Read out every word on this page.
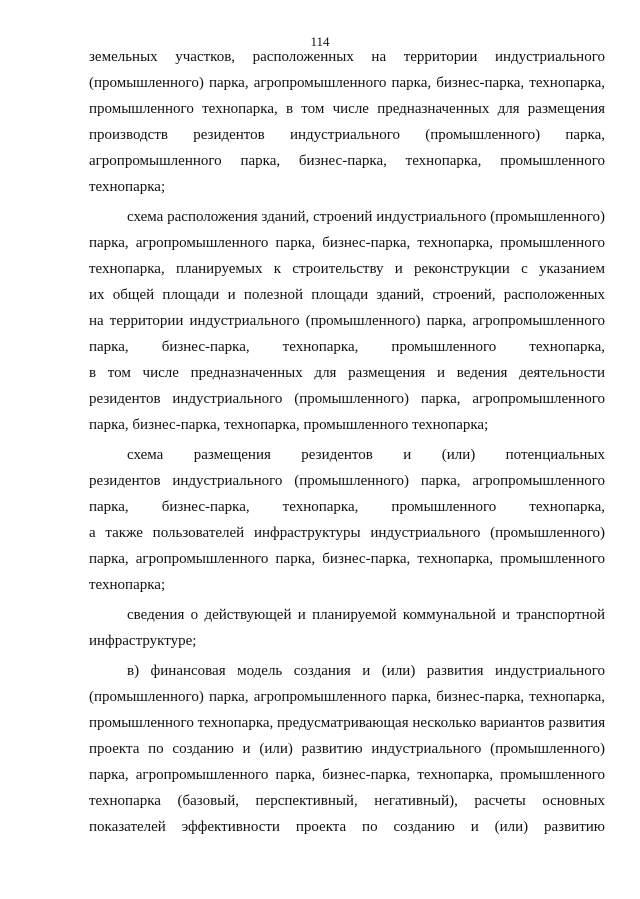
114
земельных участков, расположенных на территории индустриального
(промышленного) парка, агропромышленного парка, бизнес-парка, технопарка,
промышленного технопарка, в том числе предназначенных для размещения
производств резидентов индустриального (промышленного) парка,
агропромышленного парка, бизнес-парка, технопарка, промышленного
технопарка;
схема расположения зданий, строений индустриального (промышленного)
парка, агропромышленного парка, бизнес-парка, технопарка, промышленного
технопарка, планируемых к строительству и реконструкции с указанием
их общей площади и полезной площади зданий, строений, расположенных
на территории индустриального (промышленного) парка, агропромышленного
парка, бизнес-парка, технопарка, промышленного технопарка,
в том числе предназначенных для размещения и ведения деятельности
резидентов индустриального (промышленного) парка, агропромышленного
парка, бизнес-парка, технопарка, промышленного технопарка;
схема размещения резидентов и (или) потенциальных
резидентов индустриального (промышленного) парка, агропромышленного
парка, бизнес-парка, технопарка, промышленного технопарка,
а также пользователей инфраструктуры индустриального (промышленного)
парка, агропромышленного парка, бизнес-парка, технопарка, промышленного
технопарка;
сведения о действующей и планируемой коммунальной и транспортной
инфраструктуре;
в) финансовая модель создания и (или) развития индустриального
(промышленного) парка, агропромышленного парка, бизнес-парка, технопарка,
промышленного технопарка, предусматривающая несколько вариантов развития
проекта по созданию и (или) развитию индустриального (промышленного)
парка, агропромышленного парка, бизнес-парка, технопарка, промышленного
технопарка (базовый, перспективный, негативный), расчеты основных
показателей эффективности проекта по созданию и (или) развитию
